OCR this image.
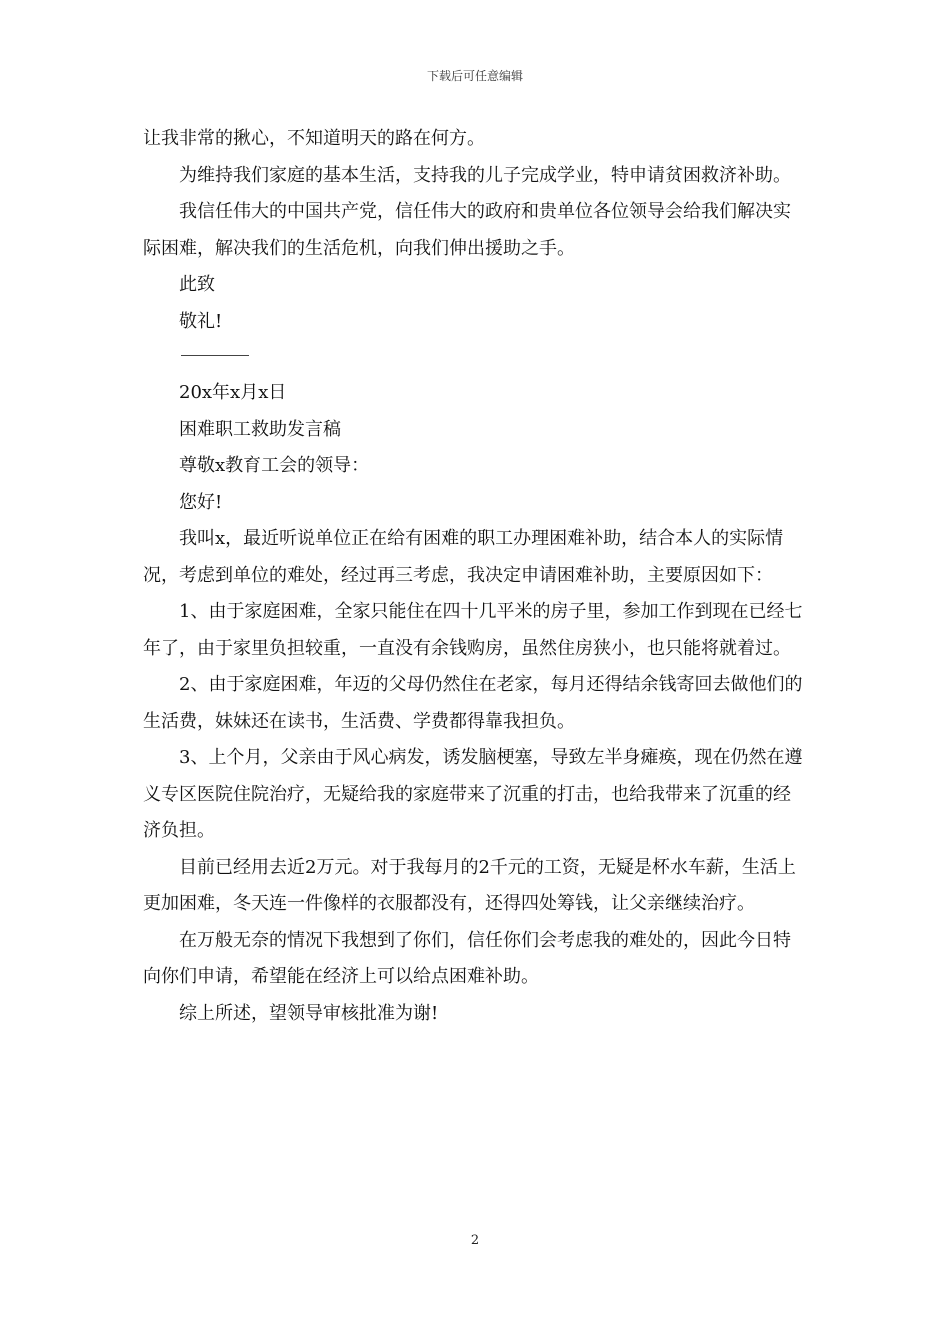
下载后可任意编辑

让我非常的揪心，不知道明天的路在何方。

为维持我们家庭的基本生活，支持我的儿子完成学业，特申请贫困救济补助。

我信任伟大的中国共产党，信任伟大的政府和贵单位各位领导会给我们解决实际困难，解决我们的生活危机，向我们伸出援助之手。

此致

敬礼!

20x年x月x日

困难职工救助发言稿

尊敬x教育工会的领导：

您好!

我叫x，最近听说单位正在给有困难的职工办理困难补助，结合本人的实际情况，考虑到单位的难处，经过再三考虑，我决定申请困难补助，主要原因如下：

1、由于家庭困难，全家只能住在四十几平米的房子里，参加工作到现在已经七年了，由于家里负担较重，一直没有余钱购房，虽然住房狭小，也只能将就着过。

2、由于家庭困难，年迈的父母仍然住在老家，每月还得结余钱寄回去做他们的生活费，妹妹还在读书，生活费、学费都得靠我担负。

3、上个月，父亲由于风心病发，诱发脑梗塞，导致左半身瘫痪，现在仍然在遵义专区医院住院治疗，无疑给我的家庭带来了沉重的打击，也给我带来了沉重的经济负担。

目前已经用去近2万元。对于我每月的2千元的工资，无疑是杯水车薪，生活上更加困难，冬天连一件像样的衣服都没有，还得四处筹钱，让父亲继续治疗。

在万般无奈的情况下我想到了你们，信任你们会考虑我的难处的，因此今日特向你们申请，希望能在经济上可以给点困难补助。

综上所述，望领导审核批准为谢!

2
